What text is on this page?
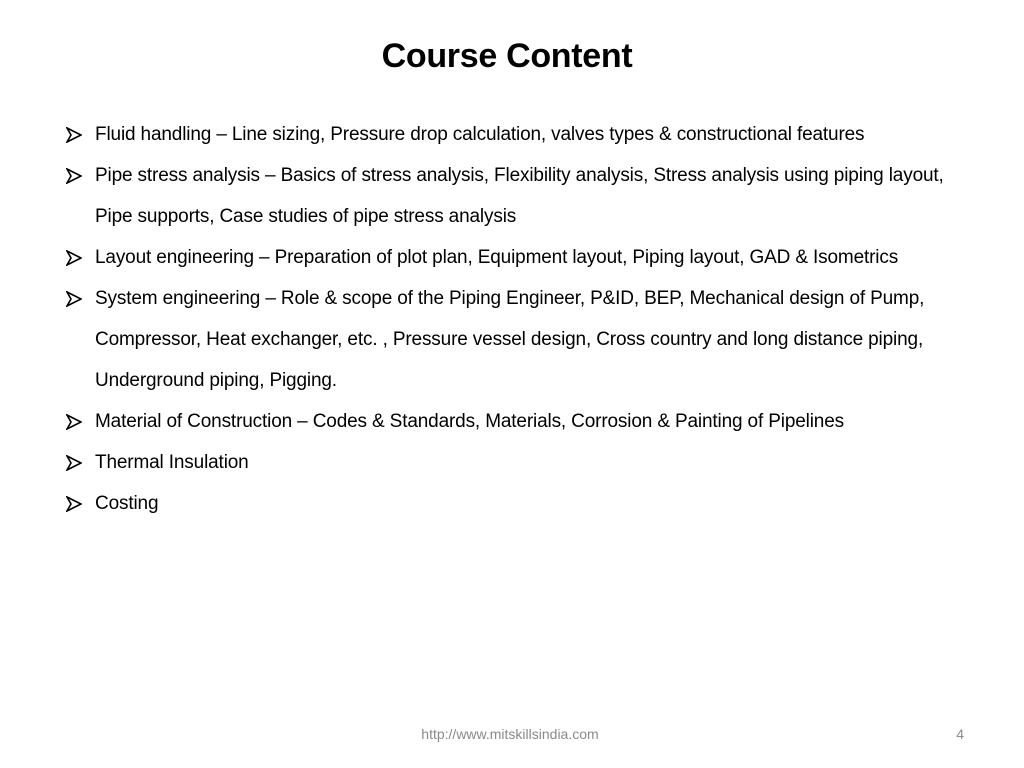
Course Content
Fluid handling – Line sizing, Pressure drop calculation, valves types & constructional features
Pipe stress analysis – Basics of stress analysis, Flexibility analysis, Stress analysis using piping layout, Pipe supports, Case studies of pipe stress analysis
Layout engineering – Preparation of plot plan, Equipment layout, Piping layout, GAD & Isometrics
System engineering – Role & scope of the Piping Engineer, P&ID, BEP, Mechanical design of Pump, Compressor, Heat exchanger, etc. , Pressure vessel design, Cross country and long distance piping, Underground piping, Pigging.
Material of Construction – Codes & Standards, Materials, Corrosion & Painting of Pipelines
Thermal Insulation
Costing
http://www.mitskillsindia.com	4
